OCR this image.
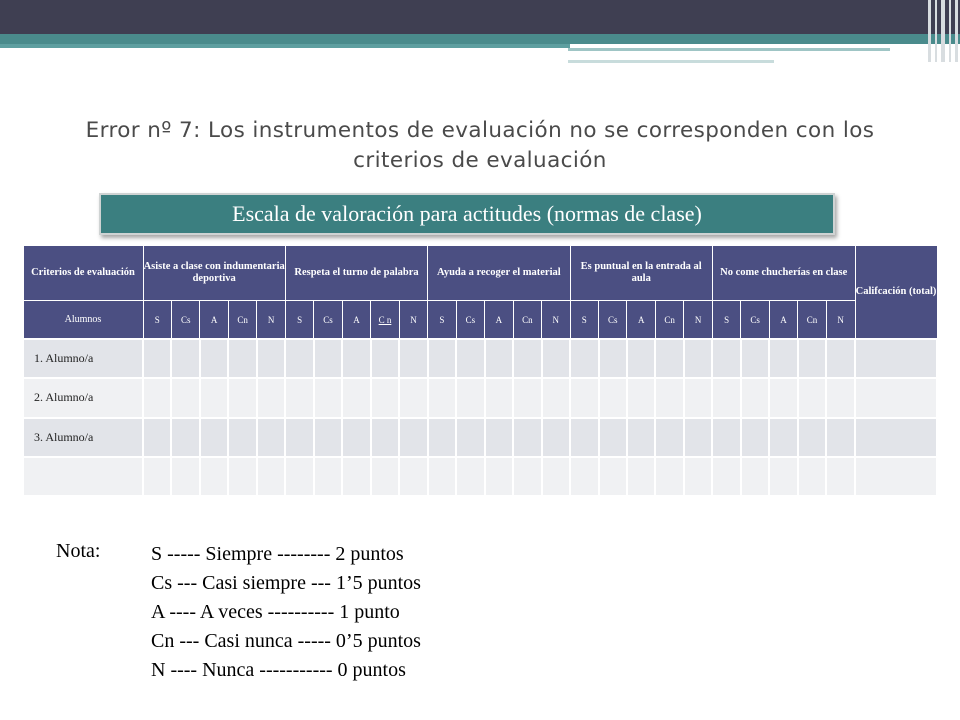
Error nº 7: Los instrumentos de evaluación no se corresponden con los
criterios de evaluación
Escala de valoración para actitudes (normas de clase)
Criterios de evaluación	Asiste a clase con indumentaria deportiva					Respeta el turno de palabra					Ayuda a recoger el material					Es puntual en la entrada al aula					No come chucherías en clase					Califcación (total)
Alumnos	S	Cs	A	Cn	N	S	Cs	A	C n	N	S	Cs	A	Cn	N	S	Cs	A	Cn	N	S	Cs	A	Cn	N	
1. Alumno/a																										
2. Alumno/a																										
3. Alumno/a																										

Nota:	S ----- Siempre -------- 2 puntos
Cs --- Casi siempre --- 1’5 puntos
A ---- A veces ---------- 1 punto
Cn --- Casi nunca ----- 0’5 puntos
N ---- Nunca ----------- 0 puntos
